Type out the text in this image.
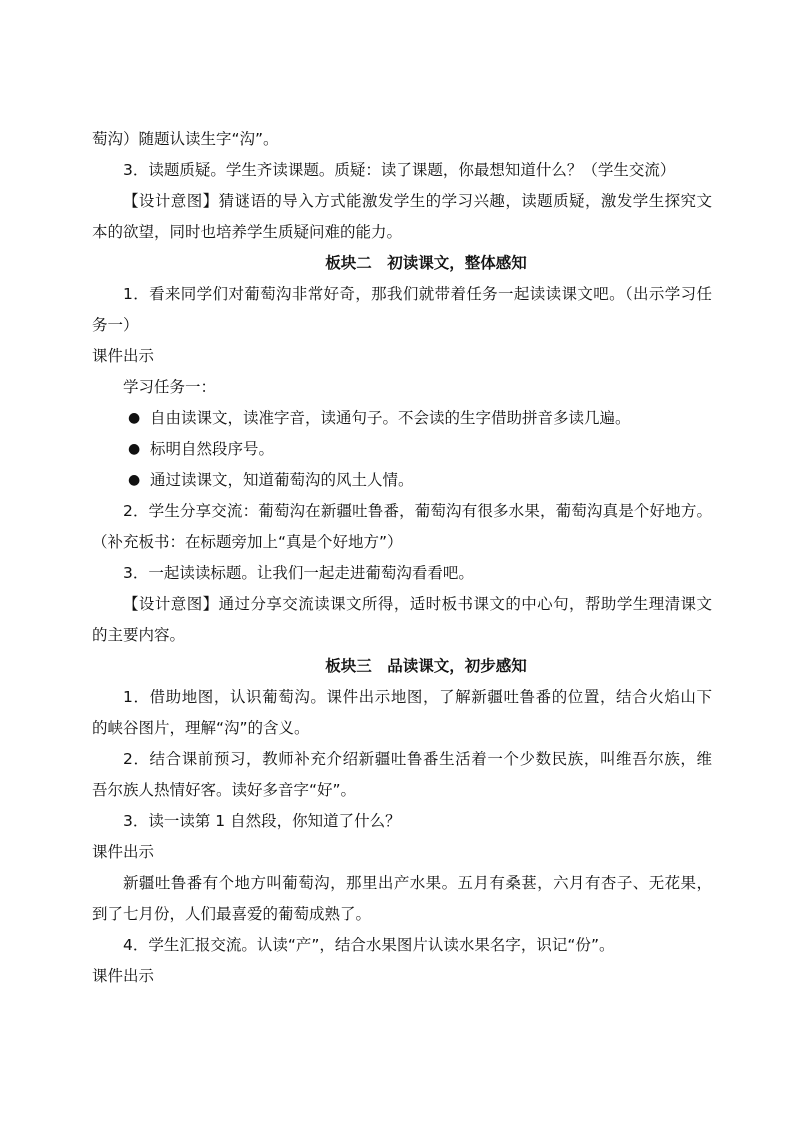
萄沟）随题认读生字“沟”。

3．读题质疑。学生齐读课题。质疑：读了课题，你最想知道什么？（学生交流）

【设计意图】猜谜语的导入方式能激发学生的学习兴趣，读题质疑，激发学生探究文

本的欲望，同时也培养学生质疑问难的能力。

板块二　初读课文，整体感知

1．看来同学们对葡萄沟非常好奇，那我们就带着任务一起读读课文吧。（出示学习任

务一）

课件出示

学习任务一：

● 自由读课文，读准字音，读通句子。不会读的生字借助拼音多读几遍。

● 标明自然段序号。

● 通过读课文，知道葡萄沟的风土人情。

2．学生分享交流：葡萄沟在新疆吐鲁番，葡萄沟有很多水果，葡萄沟真是个好地方。

（补充板书：在标题旁加上“真是个好地方”）

3．一起读读标题。让我们一起走进葡萄沟看看吧。

【设计意图】通过分享交流读课文所得，适时板书课文的中心句，帮助学生理清课文

的主要内容。

板块三　品读课文，初步感知

1．借助地图，认识葡萄沟。课件出示地图，了解新疆吐鲁番的位置，结合火焰山下

的峡谷图片，理解“沟”的含义。

2．结合课前预习，教师补充介绍新疆吐鲁番生活着一个少数民族，叫维吾尔族，维

吾尔族人热情好客。读好多音字“好”。

3．读一读第 1 自然段，你知道了什么？

课件出示

新疆吐鲁番有个地方叫葡萄沟，那里出产水果。五月有桑葚，六月有杏子、无花果，

到了七月份，人们最喜爱的葡萄成熟了。

4．学生汇报交流。认读“产”，结合水果图片认读水果名字，识记“份”。

课件出示
